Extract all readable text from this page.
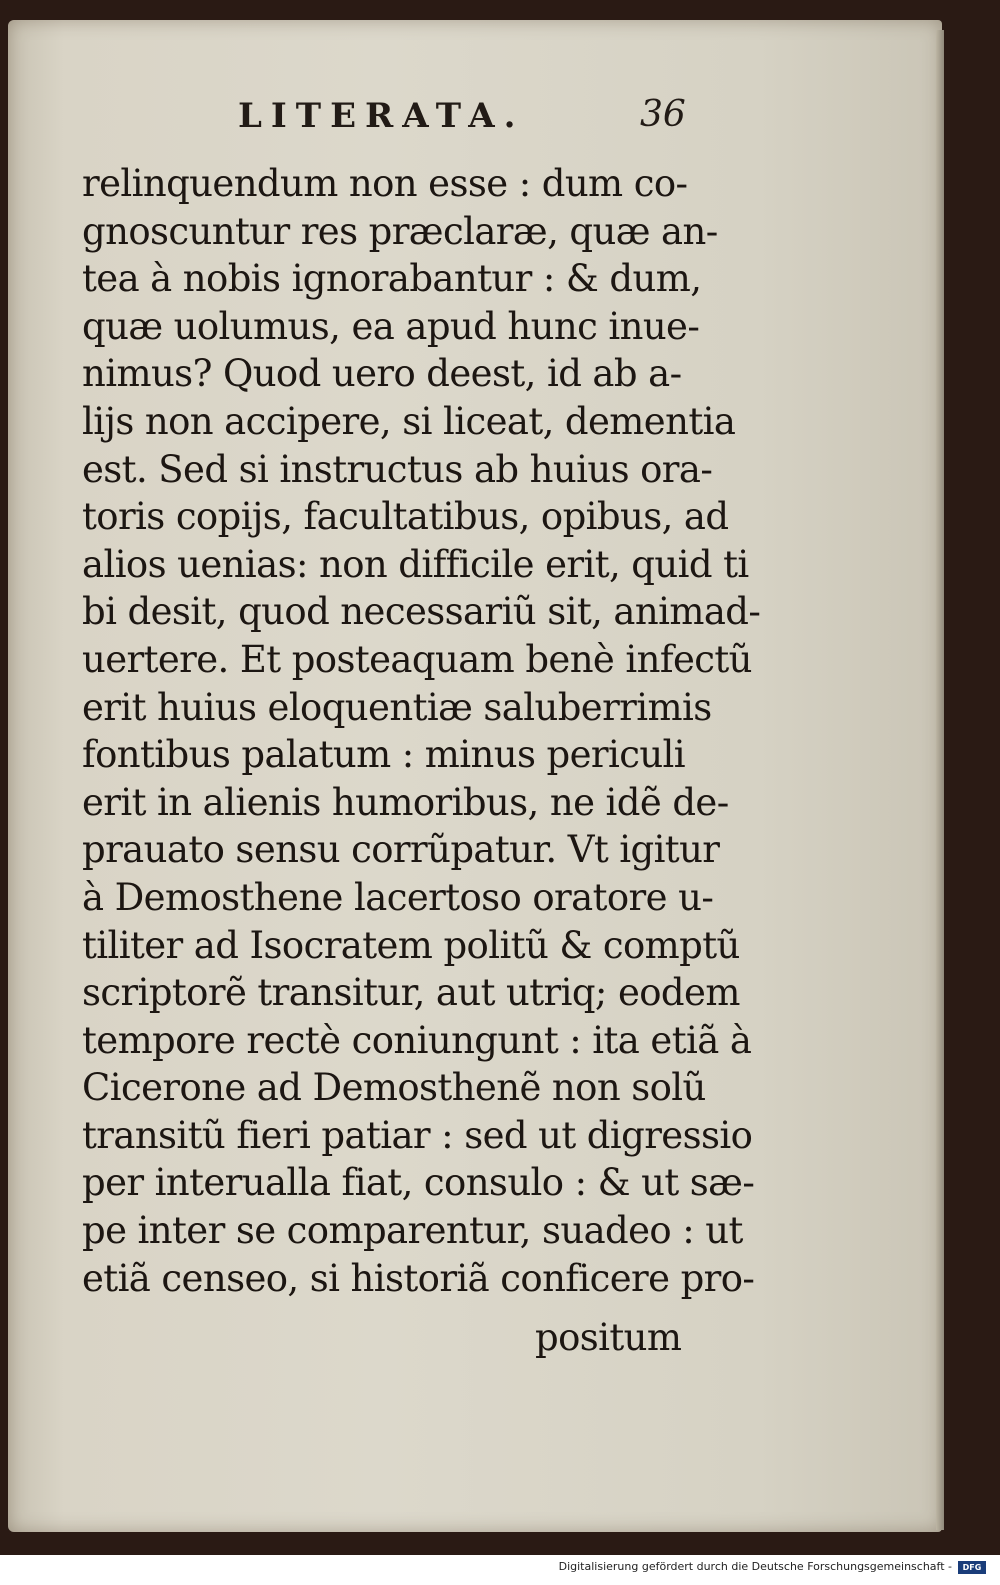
LITERATA.	36
relinquendum non esse : dum co-
gnoscuntur res præclaræ, quæ an-
tea à nobis ignorabantur : & dum,
quæ uolumus, ea apud hunc inue-
nimus? Quod uero deest, id ab a-
lijs non accipere, si liceat, dementia
est. Sed si instructus ab huius ora-
toris copijs, facultatibus, opibus, ad
alios uenias: non difficile erit, quid ti
bi desit, quod necessariũ sit, animad-
uertere. Et posteaquam benè infectũ
erit huius eloquentiæ saluberrimis
fontibus palatum : minus periculi
erit in alienis humoribus, ne idẽ de-
prauato sensu corrũpatur. Vt igitur
à Demosthene lacertoso oratore u-
tiliter ad Isocratem politũ & comptũ
scriptorẽ transitur, aut utriq; eodem
tempore rectè coniungunt : ita etiã à
Cicerone ad Demosthenẽ non solũ
transitũ fieri patiar : sed ut digressio
per interualla fiat, consulo : & ut sæ-
pe inter se comparentur, suadeo : ut
etiã censeo, si historiã conficere pro-
positum
Digitalisierung gefördert durch die Deutsche Forschungsgemeinschaft -	DFG
